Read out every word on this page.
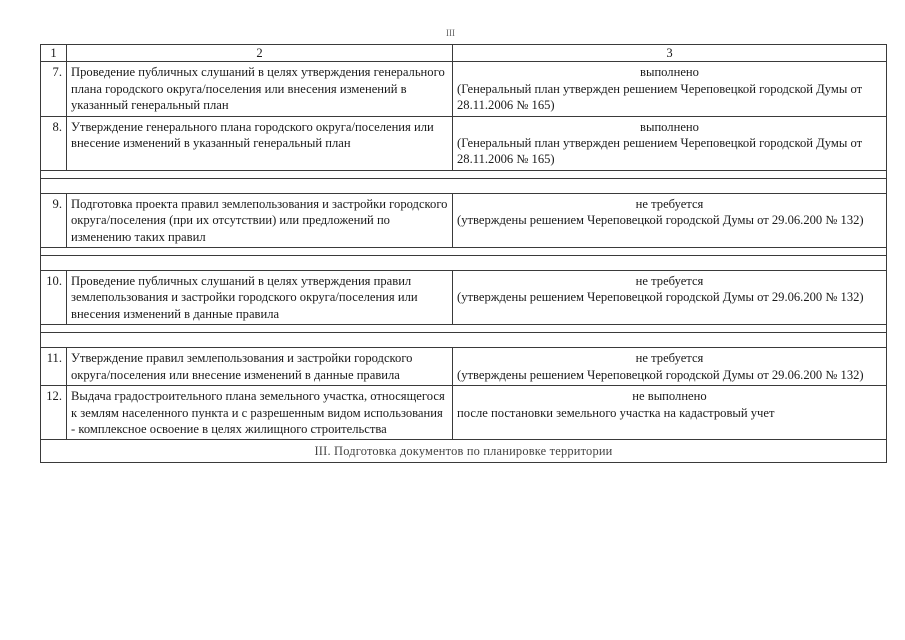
III
1	2	3
7.	Проведение публичных слушаний в целях утверждения генерального плана городского округа/поселения или внесения изменений в указанный генеральный план	выполнено
(Генеральный план утвержден решением Череповецкой городской Думы от 28.11.2006 № 165)

8.	Утверждение генерального плана городского округа/поселения или внесение изменений в указанный генеральный план	выполнено
(Генеральный план утвержден решением Череповецкой городской Думы от 28.11.2006 № 165)

9.	Подготовка проекта правил землепользования и застройки городского округа/поселения (при их отсутствии) или предложений по изменению таких правил	не требуется
(утверждены решением Череповецкой городской Думы от 29.06.200 № 132)

10.	Проведение публичных слушаний в целях утверждения правил землепользования и застройки городского округа/поселения или внесения изменений в данные правила	не требуется
(утверждены решением Череповецкой городской Думы от 29.06.200 № 132)

11.	Утверждение правил землепользования и застройки городского округа/поселения или внесение изменений в данные правила	не требуется
(утверждены решением Череповецкой городской Думы от 29.06.200 № 132)

12.	Выдача градостроительного плана земельного участка, относящегося к землям населенного пункта и с разрешенным видом использования - комплексное освоение в целях жилищного строительства	не выполнено
после постановки земельного участка на кадастровый учет

III. Подготовка документов по планировке территории		
